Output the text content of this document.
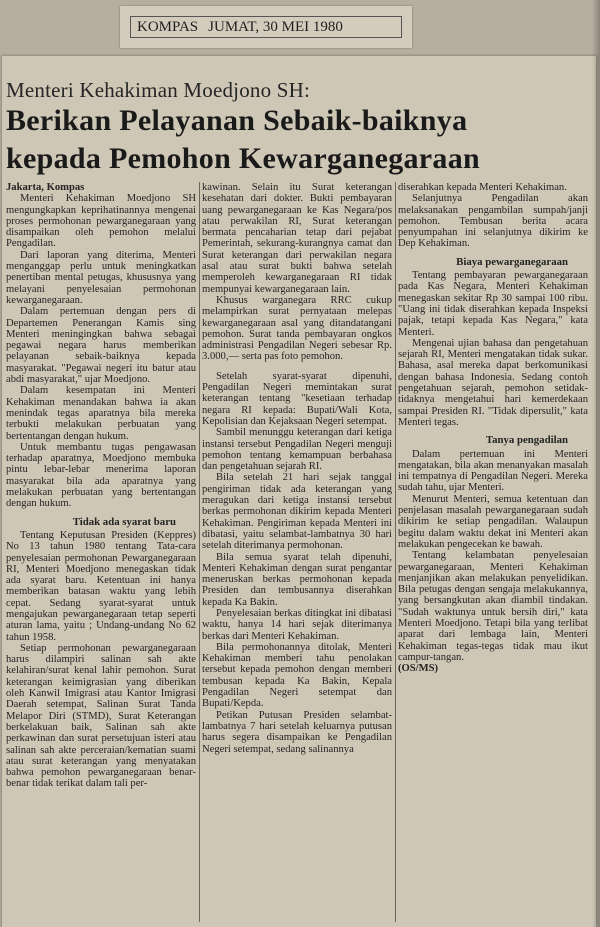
KOMPAS JUMAT, 30 MEI 1980
Menteri Kehakiman Moedjono SH:
Berikan Pelayanan Sebaik-baiknya
kepada Pemohon Kewarganegaraan

Jakarta, Kompas

Menteri Kehakiman Moedjono SH mengungkapkan keprihatinannya mengenai proses permohonan pewarganegaraan yang disampaikan oleh pemohon melalui Pengadilan.

Dari laporan yang diterima, Menteri menganggap perlu untuk meningkatkan penertiban mental petugas, khususnya yang melayani penyelesaian permohonan kewarganegaraan.

Dalam pertemuan dengan pers di Departemen Penerangan Kamis sing Menteri meningingkan bahwa sebagai pegawai negara harus memberikan pelayanan sebaik-baiknya kepada masyarakat. "Pegawai negeri itu batur atau abdi masyarakat," ujar Moedjono.

Dalam kesempatan ini Menteri Kehakiman menandakan bahwa ia akan menindak tegas aparatnya bila mereka terbukti melakukan perbuatan yang bertentangan dengan hukum.

Untuk membantu tugas pengawasan terhadap aparatnya, Moedjono membuka pintu lebar-lebar menerima laporan masyarakat bila ada aparatnya yang melakukan perbuatan yang bertentangan dengan hukum.

Tidak ada syarat baru

Tentang Keputusan Presiden (Keppres) No 13 tahun 1980 tentang Tata-cara penyelesaian permohonan Pewarganegaraan RI, Menteri Moedjono menegaskan tidak ada syarat baru. Ketentuan ini hanya memberikan batasan waktu yang lebih cepat. Sedang syarat-syarat untuk mengajukan pewarganegaraan tetap seperti aturan lama, yaitu ; Undang-undang No 62 tahun 1958.

Setiap permohonan pewarganegaraan harus dilampiri salinan sah akte kelahiran/surat kenal lahir pemohon. Surat keterangan keimigrasian yang diberikan oleh Kanwil Imigrasi atau Kantor Imigrasi Daerah setempat, Salinan Surat Tanda Melapor Diri (STMD), Surat Keterangan berkelakuan baik, Salinan sah akte perkawinan dan surat persetujuan isteri atau salinan sah akte perceraian/kematian suami atau surat keterangan yang menyatakan bahwa pemohon pewarganegaraan benar-benar tidak terikat dalam tali per-

kawinan. Selain itu Surat keterangan kesehatan dari dokter. Bukti pembayaran uang pewarganegaraan ke Kas Negara/pos atau perwakilan RI, Surat keterangan bermata pencaharian tetap dari pejabat Pemerintah, sekurang-kurangnya camat dan Surat keterangan dari perwakilan negara asal atau surat bukti bahwa setelah memperoleh kewarganegaraan RI tidak mempunyai kewarganegaraan lain.

Khusus warganegara RRC cukup melampirkan surat pernyataan melepas kewarganegaraan asal yang ditandatangani pemohon. Surat tanda pembayaran ongkos administrasi Pengadilan Negeri sebesar Rp. 3.000,— serta pas foto pemohon.

Setelah syarat-syarat dipenuhi, Pengadilan Negeri memintakan surat keterangan tentang "kesetiaan terhadap negara RI kepada: Bupati/Wali Kota, Kepolisian dan Kejaksaan Negeri setempat.

Sambil menunggu keterangan dari ketiga instansi tersebut Pengadilan Negeri menguji pemohon tentang kemampuan berbahasa dan pengetahuan sejarah RI.

Bila setelah 21 hari sejak tanggal pengiriman tidak ada keterangan yang meragukan dari ketiga instansi tersebut berkas permohonan dikirim kepada Menteri Kehakiman. Pengiriman kepada Menteri ini dibatasi, yaitu selambat-lambatnya 30 hari setelah diterimanya permohonan.

Bila semua syarat telah dipenuhi, Menteri Kehakiman dengan surat pengantar meneruskan berkas permohonan kepada Presiden dan tembusannya diserahkan kepada Ka Bakin.

Penyelesaian berkas ditingkat ini dibatasi waktu, hanya 14 hari sejak diterimanya berkas dari Menteri Kehakiman.

Bila permohonannya ditolak, Menteri Kehakiman memberi tahu penolakan tersebut kepada pemohon dengan memberi tembusan kepada Ka Bakin, Kepala Pengadilan Negeri setempat dan Bupati/Kepda.

Petikan Putusan Presiden selambat-lambatnya 7 hari setelah keluarnya putusan harus segera disampaikan ke Pengadilan Negeri setempat, sedang salinannya

diserahkan kepada Menteri Kehakiman.

Selanjutnya Pengadilan akan melaksanakan pengambilan sumpah/janji pemohon. Tembusan berita acara penyumpahan ini selanjutnya dikirim ke Dep Kehakiman.

Biaya pewarganegaraan

Tentang pembayaran pewarganegaraan pada Kas Negara, Menteri Kehakiman menegaskan sekitar Rp 30 sampai 100 ribu. "Uang ini tidak diserahkan kepada Inspeksi pajak, tetapi kepada Kas Negara," kata Menteri.

Mengenai ujian bahasa dan pengetahuan sejarah RI, Menteri mengatakan tidak sukar. Bahasa, asal mereka dapat berkomunikasi dengan bahasa Indonesia. Sedang contoh pengetahuan sejarah, pemohon setidak-tidaknya mengetahui hari kemerdekaan sampai Presiden RI. "Tidak dipersulit," kata Menteri tegas.

Tanya pengadilan

Dalam pertemuan ini Menteri mengatakan, bila akan menanyakan masalah ini tempatnya di Pengadilan Negeri. Mereka sudah tahu, ujar Menteri.

Menurut Menteri, semua ketentuan dan penjelasan masalah pewarganegaraan sudah dikirim ke setiap pengadilan. Walaupun begitu dalam waktu dekat ini Menteri akan melakukan pengecekan ke bawah.

Tentang kelambatan penyelesaian pewarganegaraan, Menteri Kehakiman menjanjikan akan melakukan penyelidikan. Bila petugas dengan sengaja melakukannya, yang bersangkutan akan diambil tindakan. "Sudah waktunya untuk bersih diri," kata Menteri Moedjono. Tetapi bila yang terlibat aparat dari lembaga lain, Menteri Kehakiman tegas-tegas tidak mau ikut campur-tangan.

(OS/MS)
